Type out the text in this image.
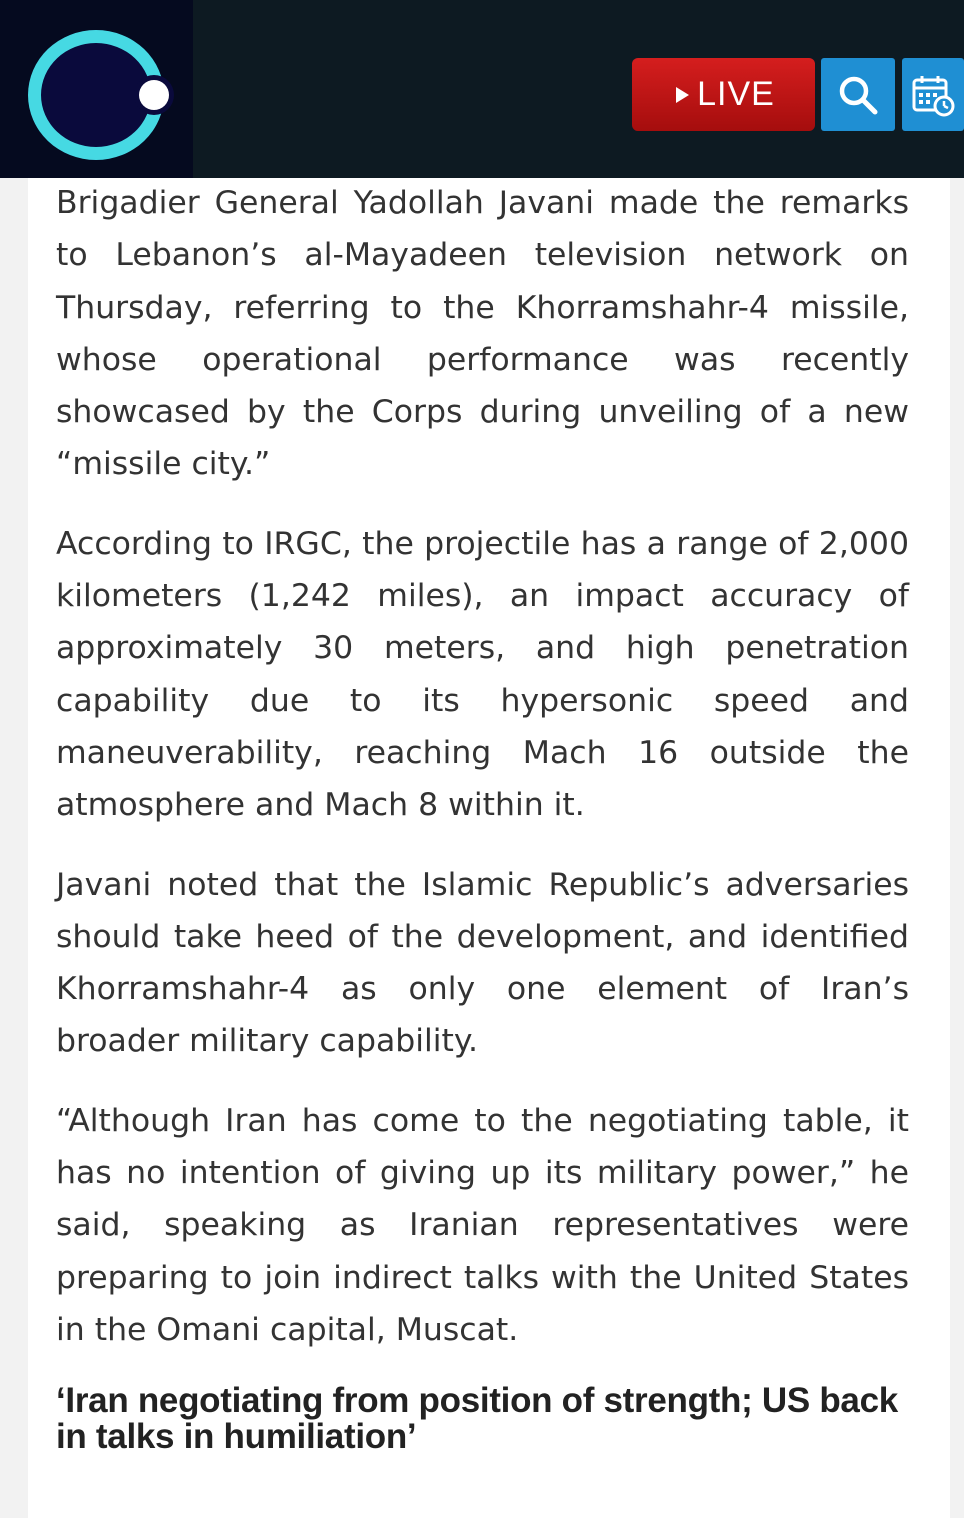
Brigadier General Yadollah Javani made the remarks to Lebanon’s al-Mayadeen television network on Thursday, referring to the Khorramshahr-4 missile, whose operational performance was recently showcased by the Corps during unveiling of a new “missile city.”

According to IRGC, the projectile has a range of 2,000 kilometers (1,242 miles), an impact accuracy of approximately 30 meters, and high penetration capability due to its hypersonic speed and maneuverability, reaching Mach 16 outside the atmosphere and Mach 8 within it.

Javani noted that the Islamic Republic’s adversaries should take heed of the development, and identified Khorramshahr-4 as only one element of Iran’s broader military capability.

“Although Iran has come to the negotiating table, it has no intention of giving up its military power,” he said, speaking as Iranian representatives were preparing to join indirect talks with the United States in the Omani capital, Muscat.

‘Iran negotiating from position of strength; US back in talks in humiliation’
LIVE
